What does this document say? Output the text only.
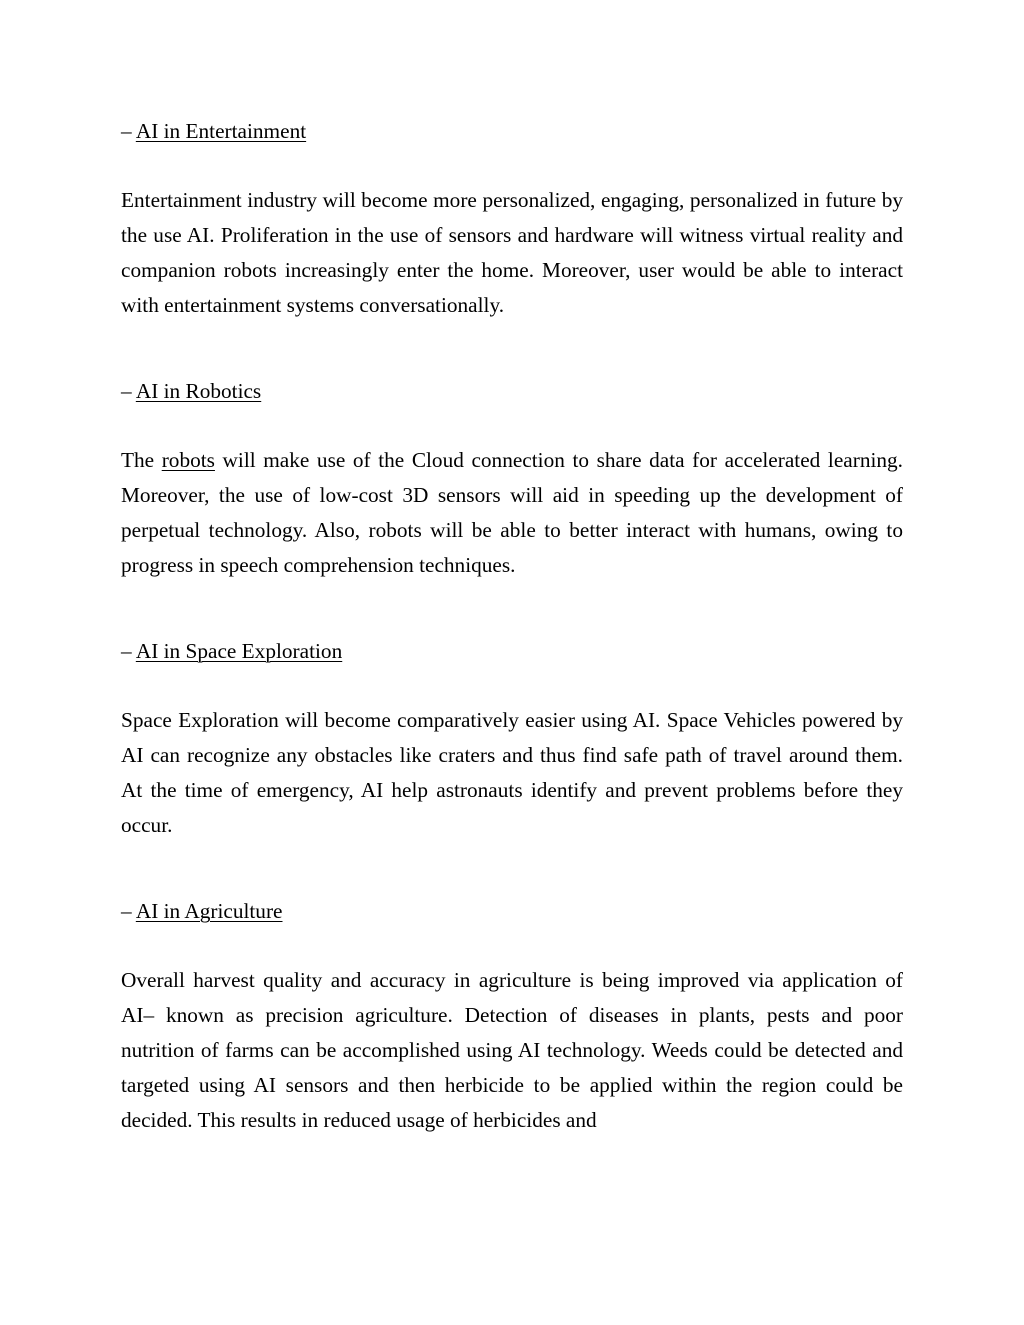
– AI in Entertainment

Entertainment industry will become more personalized, engaging, personalized in future by the use AI. Proliferation in the use of sensors and hardware will witness virtual reality and companion robots increasingly enter the home. Moreover, user would be able to interact with entertainment systems conversationally.

– AI in Robotics

The robots will make use of the Cloud connection to share data for accelerated learning. Moreover, the use of low-cost 3D sensors will aid in speeding up the development of perpetual technology. Also, robots will be able to better interact with humans, owing to progress in speech comprehension techniques.

– AI in Space Exploration

Space Exploration will become comparatively easier using AI. Space Vehicles powered by AI can recognize any obstacles like craters and thus find safe path of travel around them. At the time of emergency, AI help astronauts identify and prevent problems before they occur.

– AI in Agriculture

Overall harvest quality and accuracy in agriculture is being improved via application of AI– known as precision agriculture. Detection of diseases in plants, pests and poor nutrition of farms can be accomplished using AI technology. Weeds could be detected and targeted using AI sensors and then herbicide to be applied within the region could be decided. This results in reduced usage of herbicides and
